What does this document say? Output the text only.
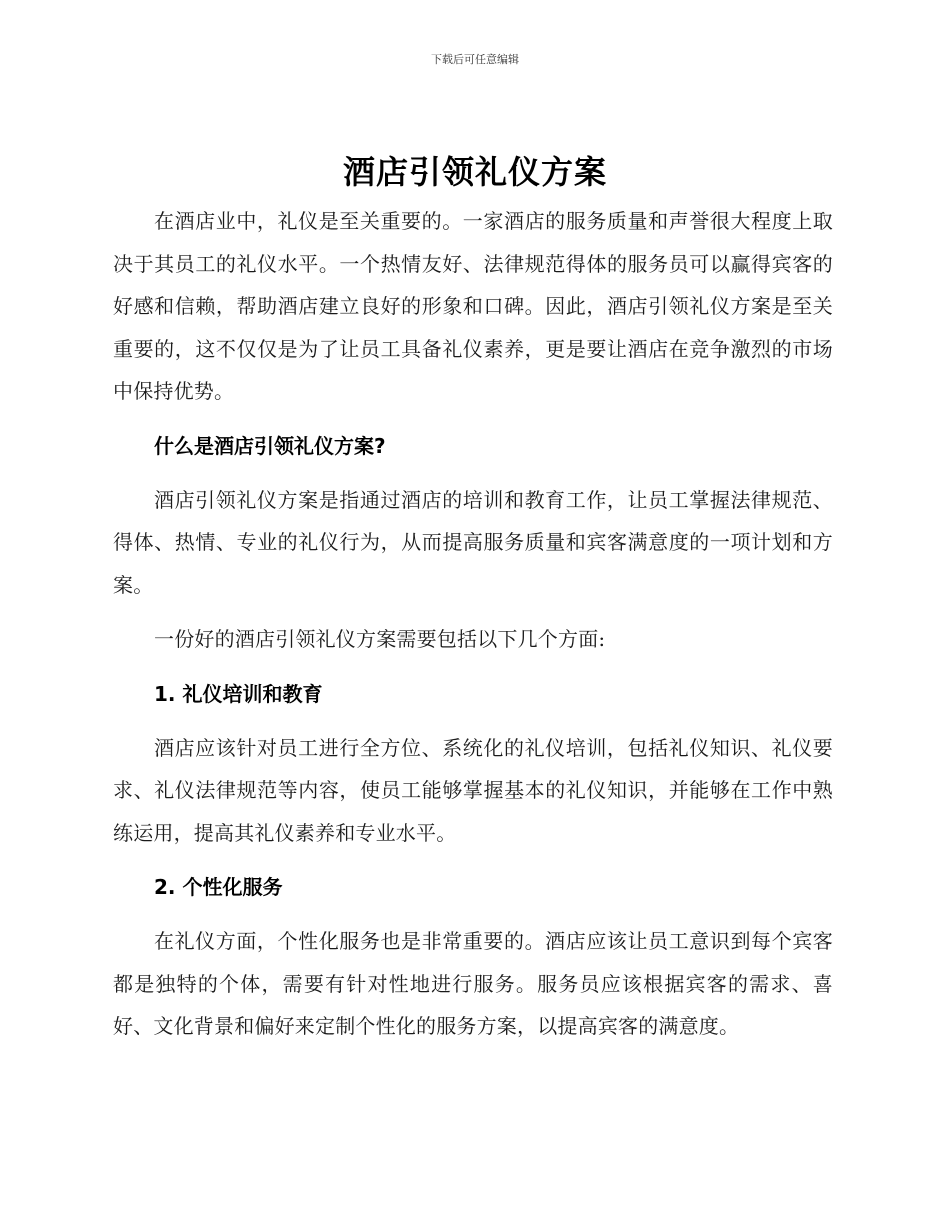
下载后可任意编辑
酒店引领礼仪方案

在酒店业中，礼仪是至关重要的。一家酒店的服务质量和声誉很大程度上取决于其员工的礼仪水平。一个热情友好、法律规范得体的服务员可以赢得宾客的好感和信赖，帮助酒店建立良好的形象和口碑。因此，酒店引领礼仪方案是至关重要的，这不仅仅是为了让员工具备礼仪素养，更是要让酒店在竞争激烈的市场中保持优势。

什么是酒店引领礼仪方案?

酒店引领礼仪方案是指通过酒店的培训和教育工作，让员工掌握法律规范、得体、热情、专业的礼仪行为，从而提高服务质量和宾客满意度的一项计划和方案。

一份好的酒店引领礼仪方案需要包括以下几个方面:

1. 礼仪培训和教育

酒店应该针对员工进行全方位、系统化的礼仪培训，包括礼仪知识、礼仪要求、礼仪法律规范等内容，使员工能够掌握基本的礼仪知识，并能够在工作中熟练运用，提高其礼仪素养和专业水平。

2. 个性化服务

在礼仪方面，个性化服务也是非常重要的。酒店应该让员工意识到每个宾客都是独特的个体，需要有针对性地进行服务。服务员应该根据宾客的需求、喜好、文化背景和偏好来定制个性化的服务方案，以提高宾客的满意度。
